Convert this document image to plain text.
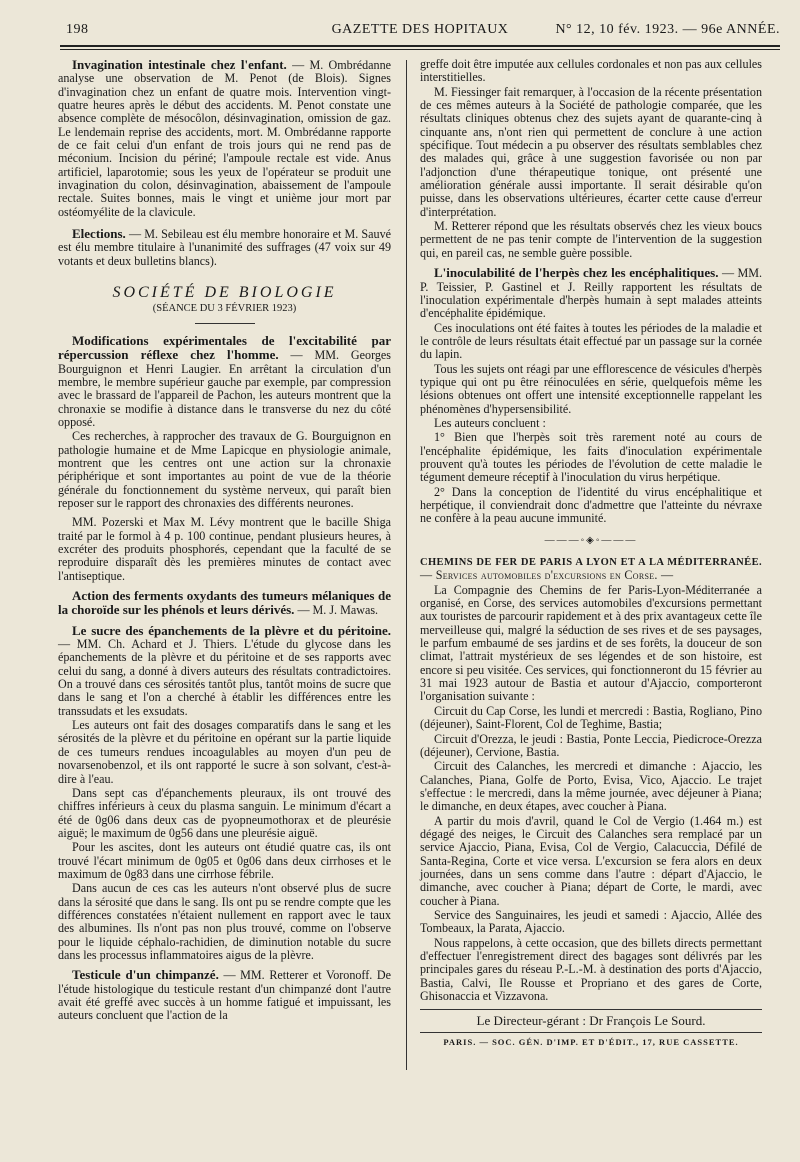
198	GAZETTE DES HOPITAUX	N° 12, 10 fév. 1923. — 96e ANNÉE.

Invagination intestinale chez l'enfant. — M. Ombrédanne analyse une observation de M. Penot (de Blois). Signes d'invagination chez un enfant de quatre mois. Intervention vingt-quatre heures après le début des accidents. M. Penot constate une absence complète de mésocôlon, désinvagination, omission de gaz. Le lendemain reprise des accidents, mort. M. Ombrédanne rapporte de ce fait celui d'un enfant de trois jours qui ne rend pas de méconium. Incision du périné; l'ampoule rectale est vide. Anus artificiel, laparotomie; sous les yeux de l'opérateur se produit une invagination du colon, désinvagination, abaissement de l'ampoule rectale. Suites bonnes, mais le vingt et unième jour mort par ostéomyélite de la clavicule.

Elections. — M. Sebileau est élu membre honoraire et M. Sauvé est élu membre titulaire à l'unanimité des suffrages (47 voix sur 49 votants et deux bulletins blancs).

SOCIÉTÉ DE BIOLOGIE
(SÉANCE DU 3 FÉVRIER 1923)

Modifications expérimentales de l'excitabilité par répercussion réflexe chez l'homme. — MM. Georges Bourguignon et Henri Laugier. En arrêtant la circulation d'un membre, le membre supérieur gauche par exemple, par compression avec le brassard de l'appareil de Pachon, les auteurs montrent que la chronaxie se modifie à distance dans le transverse du nez du côté opposé.

Ces recherches, à rapprocher des travaux de G. Bourguignon en pathologie humaine et de Mme Lapicque en physiologie animale, montrent que les centres ont une action sur la chronaxie périphérique et sont importantes au point de vue de la théorie générale du fonctionnement du système nerveux, qui paraît bien reposer sur le rapport des chronaxies des différents neurones.

MM. Pozerski et Max M. Lévy montrent que le bacille Shiga traité par le formol à 4 p. 100 continue, pendant plusieurs heures, à excréter des produits phosphorés, cependant que la faculté de se reproduire disparaît dès les premières minutes de contact avec l'antiseptique.

Action des ferments oxydants des tumeurs mélaniques de la choroïde sur les phénols et leurs dérivés. — M. J. Mawas.

Le sucre des épanchements de la plèvre et du péritoine. — MM. Ch. Achard et J. Thiers. L'étude du glycose dans les épanchements de la plèvre et du péritoine et de ses rapports avec celui du sang, a donné à divers auteurs des résultats contradictoires. On a trouvé dans ces sérosités tantôt plus, tantôt moins de sucre que dans le sang et l'on a cherché à établir les différences entre les transsudats et les exsudats.

Les auteurs ont fait des dosages comparatifs dans le sang et les sérosités de la plèvre et du péritoine en opérant sur la partie liquide de ces tumeurs rendues incoagulables au moyen d'un peu de novarsenobenzol, et ils ont rapporté le sucre à son solvant, c'est-à-dire à l'eau.

Dans sept cas d'épanchements pleuraux, ils ont trouvé des chiffres inférieurs à ceux du plasma sanguin. Le minimum d'écart a été de 0g06 dans deux cas de pyopneumothorax et de pleurésie aiguë; le maximum de 0g56 dans une pleurésie aiguë.

Pour les ascites, dont les auteurs ont étudié quatre cas, ils ont trouvé l'écart minimum de 0g05 et 0g06 dans deux cirrhoses et le maximum de 0g83 dans une cirrhose fébrile.

Dans aucun de ces cas les auteurs n'ont observé plus de sucre dans la sérosité que dans le sang. Ils ont pu se rendre compte que les différences constatées n'étaient nullement en rapport avec le taux des albumines. Ils n'ont pas non plus trouvé, comme on l'observe pour le liquide céphalo-rachidien, de diminution notable du sucre dans les processus inflammatoires aigus de la plèvre.

Testicule d'un chimpanzé. — MM. Retterer et Voronoff. De l'étude histologique du testicule restant d'un chimpanzé dont l'autre avait été greffé avec succès à un homme fatigué et impuissant, les auteurs concluent que l'action de la

greffe doit être imputée aux cellules cordonales et non pas aux cellules interstitielles.

M. Fiessinger fait remarquer, à l'occasion de la récente présentation de ces mêmes auteurs à la Société de pathologie comparée, que les résultats cliniques obtenus chez des sujets ayant de quarante-cinq à cinquante ans, n'ont rien qui permettent de conclure à une action spécifique. Tout médecin a pu observer des résultats semblables chez des malades qui, grâce à une suggestion favorisée ou non par l'adjonction d'une thérapeutique tonique, ont présenté une amélioration générale aussi importante. Il serait désirable qu'on puisse, dans les observations ultérieures, écarter cette cause d'erreur d'interprétation.

M. Retterer répond que les résultats observés chez les vieux boucs permettent de ne pas tenir compte de l'intervention de la suggestion qui, en pareil cas, ne semble guère possible.

L'inoculabilité de l'herpès chez les encéphalitiques. — MM. P. Teissier, P. Gastinel et J. Reilly rapportent les résultats de l'inoculation expérimentale d'herpès humain à sept malades atteints d'encéphalite épidémique.

Ces inoculations ont été faites à toutes les périodes de la maladie et le contrôle de leurs résultats était effectué par un passage sur la cornée du lapin.

Tous les sujets ont réagi par une efflorescence de vésicules d'herpès typique qui ont pu être réinoculées en série, quelquefois même les lésions obtenues ont offert une intensité exceptionnelle rappelant les phénomènes d'hypersensibilité.

Les auteurs concluent :

1° Bien que l'herpès soit très rarement noté au cours de l'encéphalite épidémique, les faits d'inoculation expérimentale prouvent qu'à toutes les périodes de l'évolution de cette maladie le tégument demeure réceptif à l'inoculation du virus herpétique.

2° Dans la conception de l'identité du virus encéphalitique et herpétique, il conviendrait donc d'admettre que l'atteinte du névraxe ne confère à la peau aucune immunité.

———◦◈◦———

CHEMINS DE FER DE PARIS A LYON ET A LA MÉDITERRANÉE. — Services automobiles d'excursions en Corse. —

La Compagnie des Chemins de fer Paris-Lyon-Méditerranée a organisé, en Corse, des services automobiles d'excursions permettant aux touristes de parcourir rapidement et à des prix avantageux cette île merveilleuse qui, malgré la séduction de ses rives et de ses paysages, le parfum embaumé de ses jardins et de ses forêts, la douceur de son climat, l'attrait mystérieux de ses légendes et de son histoire, est encore si peu visitée. Ces services, qui fonctionneront du 15 février au 31 mai 1923 autour de Bastia et autour d'Ajaccio, comporteront l'organisation suivante :

Circuit du Cap Corse, les lundi et mercredi : Bastia, Rogliano, Pino (déjeuner), Saint-Florent, Col de Teghime, Bastia;

Circuit d'Orezza, le jeudi : Bastia, Ponte Leccia, Piedicroce-Orezza (déjeuner), Cervione, Bastia.

Circuit des Calanches, les mercredi et dimanche : Ajaccio, les Calanches, Piana, Golfe de Porto, Evisa, Vico, Ajaccio. Le trajet s'effectue : le mercredi, dans la même journée, avec déjeuner à Piana; le dimanche, en deux étapes, avec coucher à Piana.

A partir du mois d'avril, quand le Col de Vergio (1.464 m.) est dégagé des neiges, le Circuit des Calanches sera remplacé par un service Ajaccio, Piana, Evisa, Col de Vergio, Calacuccia, Défilé de Santa-Regina, Corte et vice versa. L'excursion se fera alors en deux journées, dans un sens comme dans l'autre : départ d'Ajaccio, le dimanche, avec coucher à Piana; départ de Corte, le mardi, avec coucher à Piana.

Service des Sanguinaires, les jeudi et samedi : Ajaccio, Allée des Tombeaux, la Parata, Ajaccio.

Nous rappelons, à cette occasion, que des billets directs permettant d'effectuer l'enregistrement direct des bagages sont délivrés par les principales gares du réseau P.-L.-M. à destination des ports d'Ajaccio, Bastia, Calvi, Ile Rousse et Propriano et des gares de Corte, Ghisonaccia et Vizzavona.

Le Directeur-gérant : Dr François Le Sourd.
PARIS. — SOC. GÉN. D'IMP. ET D'ÉDIT., 17, RUE CASSETTE.
